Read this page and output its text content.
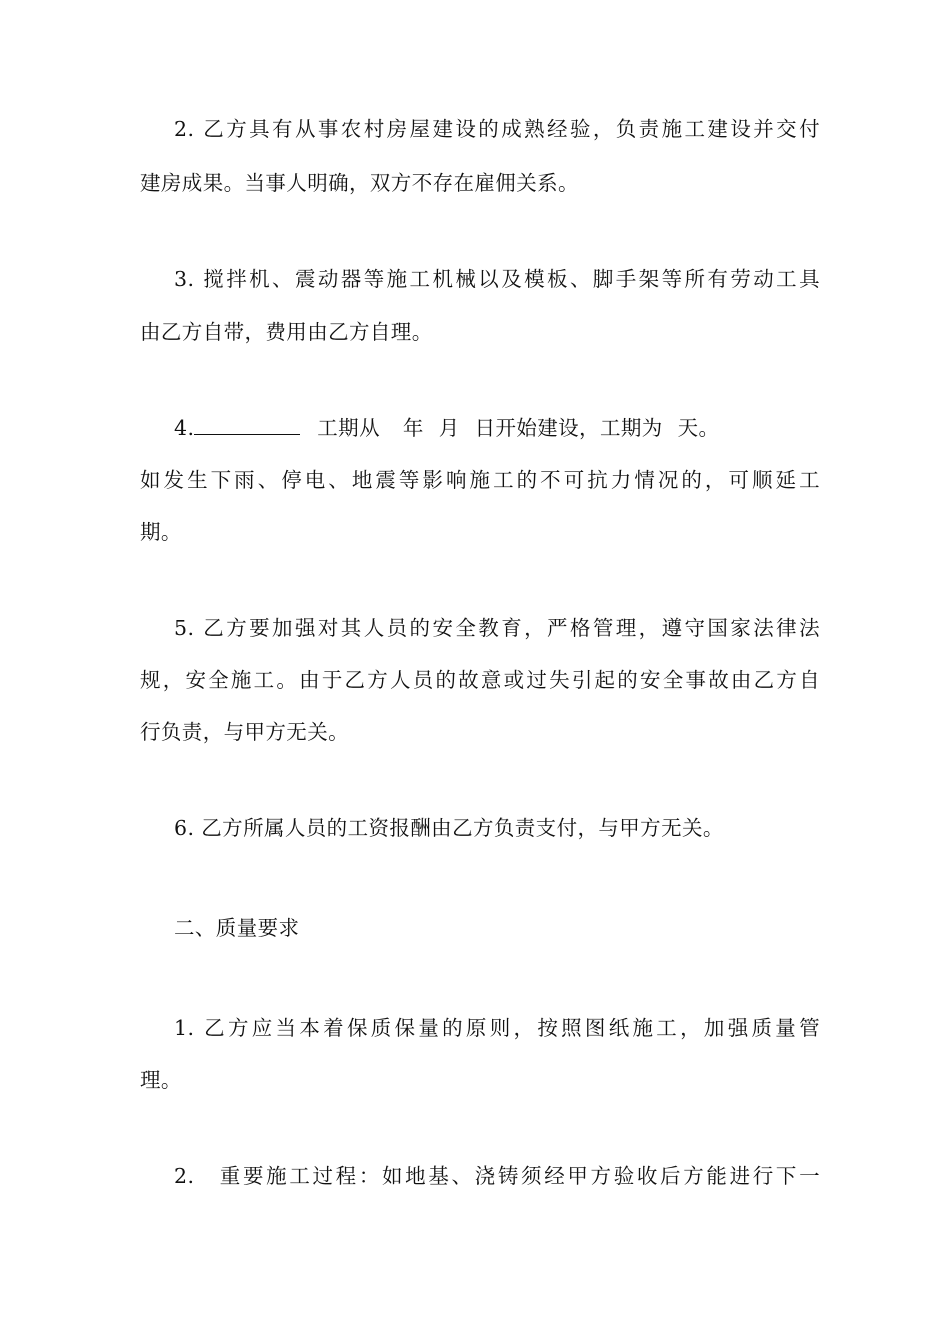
2. 乙方具有从事农村房屋建设的成熟经验，负责施工建设并交付
建房成果。当事人明确，双方不存在雇佣关系。
3. 搅拌机、震动器等施工机械以及模板、脚手架等所有劳动工具
由乙方自带，费用由乙方自理。
4.	工期从 年 月 日开始建设，工期为 天。
如发生下雨、停电、地震等影响施工的不可抗力情况的，可顺延工
期。
5. 乙方要加强对其人员的安全教育，严格管理，遵守国家法律法
规，安全施工。由于乙方人员的故意或过失引起的安全事故由乙方自
行负责，与甲方无关。
6. 乙方所属人员的工资报酬由乙方负责支付，与甲方无关。
二、质量要求
1. 乙方应当本着保质保量的原则，按照图纸施工，加强质量管
理。
2.　重要施工过程：如地基、浇铸须经甲方验收后方能进行下一
